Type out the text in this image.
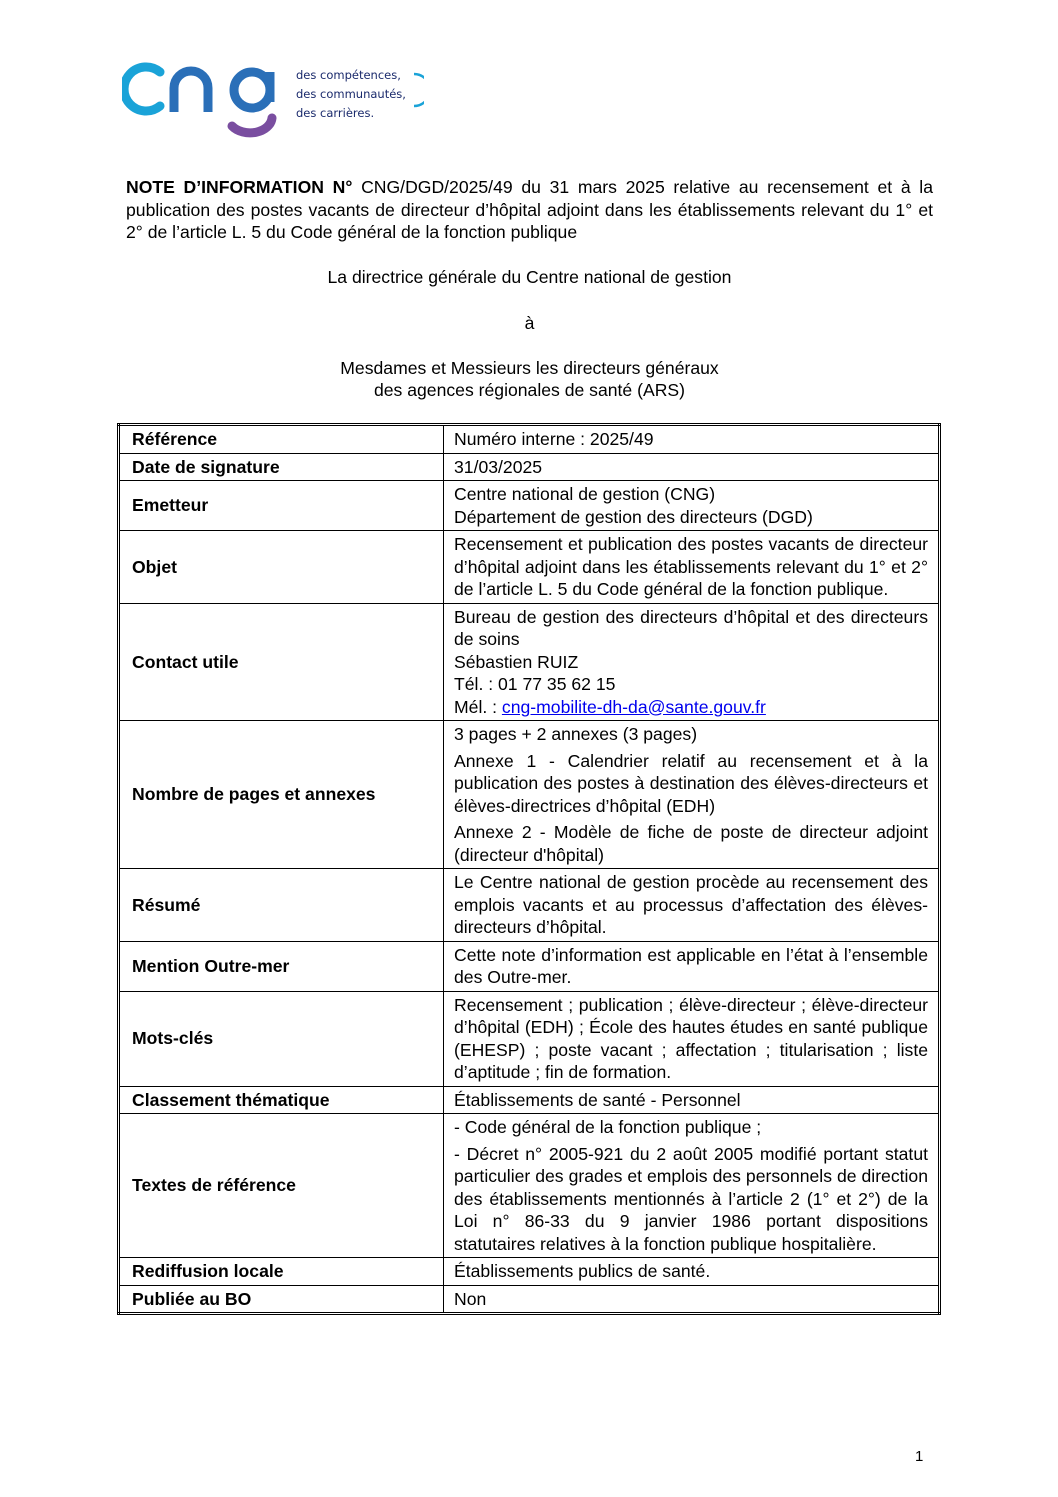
des compétences,
des communautés,
des carrières.
NOTE D’INFORMATION N° CNG/DGD/2025/49 du 31 mars 2025 relative au recensement et à la publication des postes vacants de directeur d’hôpital adjoint dans les établissements relevant du 1° et 2° de l’article L. 5 du Code général de la fonction publique
La directrice générale du Centre national de gestion
à
Mesdames et Messieurs les directeurs généraux
des agences régionales de santé (ARS)
Référence	Numéro interne : 2025/49

Date de signature	31/03/2025

Emetteur	Centre national de gestion (CNG)
Département de gestion des directeurs (DGD)

Objet	Recensement et publication des postes vacants de directeur d’hôpital adjoint dans les établissements relevant du 1° et 2° de l’article L. 5 du Code général de la fonction publique.

Contact utile	Bureau de gestion des directeurs d’hôpital et des directeurs de soins
Sébastien RUIZ
Tél. : 01 77 35 62 15
Mél. : cng-mobilite-dh-da@sante.gouv.fr

Nombre de pages et annexes	3 pages + 2 annexes (3 pages)
Annexe 1 - Calendrier relatif au recensement et à la publication des postes à destination des élèves-directeurs et élèves-directrices d’hôpital (EDH)
Annexe 2 - Modèle de fiche de poste de directeur adjoint (directeur d'hôpital)

Résumé	Le Centre national de gestion procède au recensement des emplois vacants et au processus d’affectation des élèves-directeurs d’hôpital.

Mention Outre-mer	Cette note d’information est applicable en l’état à l’ensemble des Outre-mer.

Mots-clés	Recensement ; publication ; élève-directeur ; élève-directeur d’hôpital (EDH) ; École des hautes études en santé publique (EHESP) ; poste vacant ; affectation ; titularisation ; liste d’aptitude ; fin de formation.

Classement thématique	Établissements de santé - Personnel

Textes de référence	- Code général de la fonction publique ;
- Décret n° 2005-921 du 2 août 2005 modifié portant statut particulier des grades et emplois des personnels de direction des établissements mentionnés à l’article 2 (1° et 2°) de la Loi n° 86-33 du 9 janvier 1986 portant dispositions statutaires relatives à la fonction publique hospitalière.

Rediffusion locale	Établissements publics de santé.

Publiée au BO	Non
1
